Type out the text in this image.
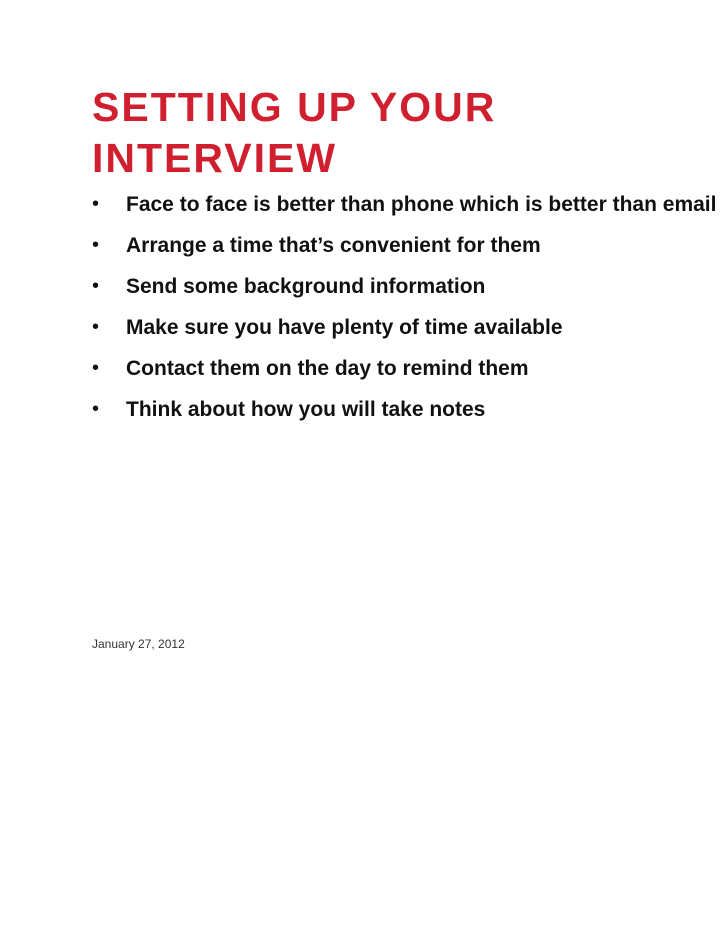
SETTING UP YOUR INTERVIEW
•	Face to face is better than phone which is better than email
•	Arrange a time that’s convenient for them
•	Send some background information
•	Make sure you have plenty of time available
•	Contact them on the day to remind them
•	Think about how you will take notes
January 27, 2012
